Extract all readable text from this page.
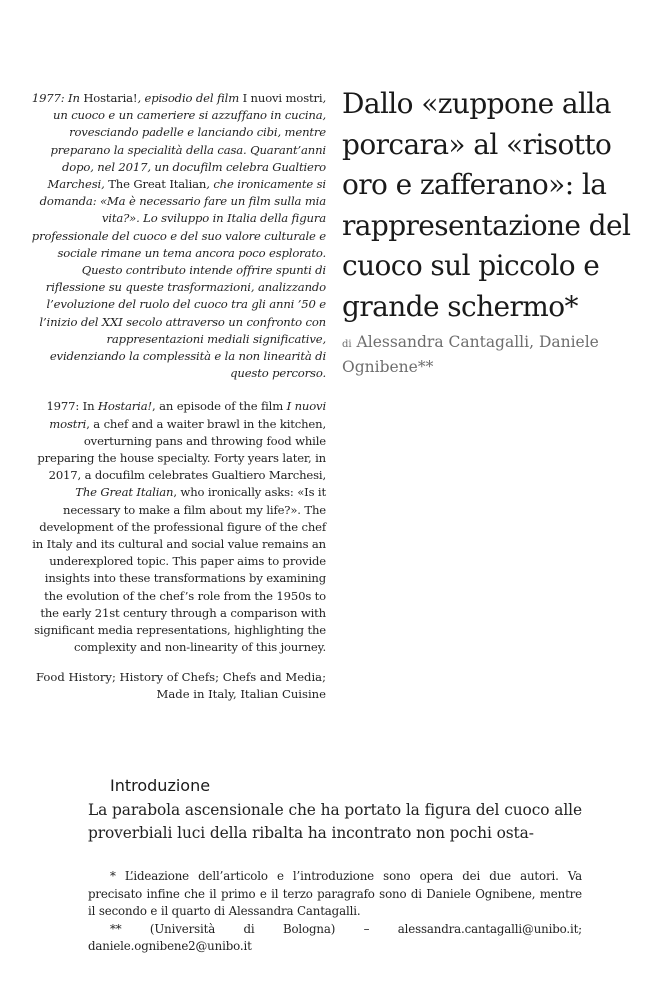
1977: In Hostaria!, episodio del film I nuovi mostri, un cuoco e un cameriere si azzuffano in cucina, rovesciando padelle e lanciando cibi, mentre preparano la specialità della casa. Quarant’anni dopo, nel 2017, un docufilm celebra Gualtiero Marchesi, The Great Italian, che ironicamente si domanda: «Ma è necessario fare un film sulla mia vita?». Lo sviluppo in Italia della figura professionale del cuoco e del suo valore culturale e sociale rimane un tema ancora poco esplorato. Questo contributo intende offrire spunti di riflessione su queste trasformazioni, analizzando l’evoluzione del ruolo del cuoco tra gli anni ’50 e l’inizio del XXI secolo attraverso un confronto con rappresentazioni mediali significative, evidenziando la complessità e la non linearità di questo percorso.

1977: In Hostaria!, an episode of the film I nuovi mostri, a chef and a waiter brawl in the kitchen, overturning pans and throwing food while preparing the house specialty. Forty years later, in 2017, a docufilm celebrates Gualtiero Marchesi, The Great Italian, who ironically asks: «Is it necessary to make a film about my life?». The development of the professional figure of the chef in Italy and its cultural and social value remains an underexplored topic. This paper aims to provide insights into these transformations by examining the evolution of the chef’s role from the 1950s to the early 21st century through a comparison with significant media representations, highlighting the complexity and non-linearity of this journey.

Food History; History of Chefs; Chefs and Media; Made in Italy, Italian Cuisine

Dallo «zuppone alla porcara» al «risotto oro e zafferano»: la rappresentazione del cuoco sul piccolo e grande schermo*

di Alessandra Cantagalli, Daniele Ognibene**

Introduzione

La parabola ascensionale che ha portato la figura del cuoco alle proverbiali luci della ribalta ha incontrato non pochi osta-

* L’ideazione dell’articolo e l’introduzione sono opera dei due autori. Va precisato infine che il primo e il terzo paragrafo sono di Daniele Ognibene, mentre il secondo e il quarto di Alessandra Cantagalli.

** (Università di Bologna) – alessandra.cantagalli@unibo.it; daniele.ognibene2@unibo.it
